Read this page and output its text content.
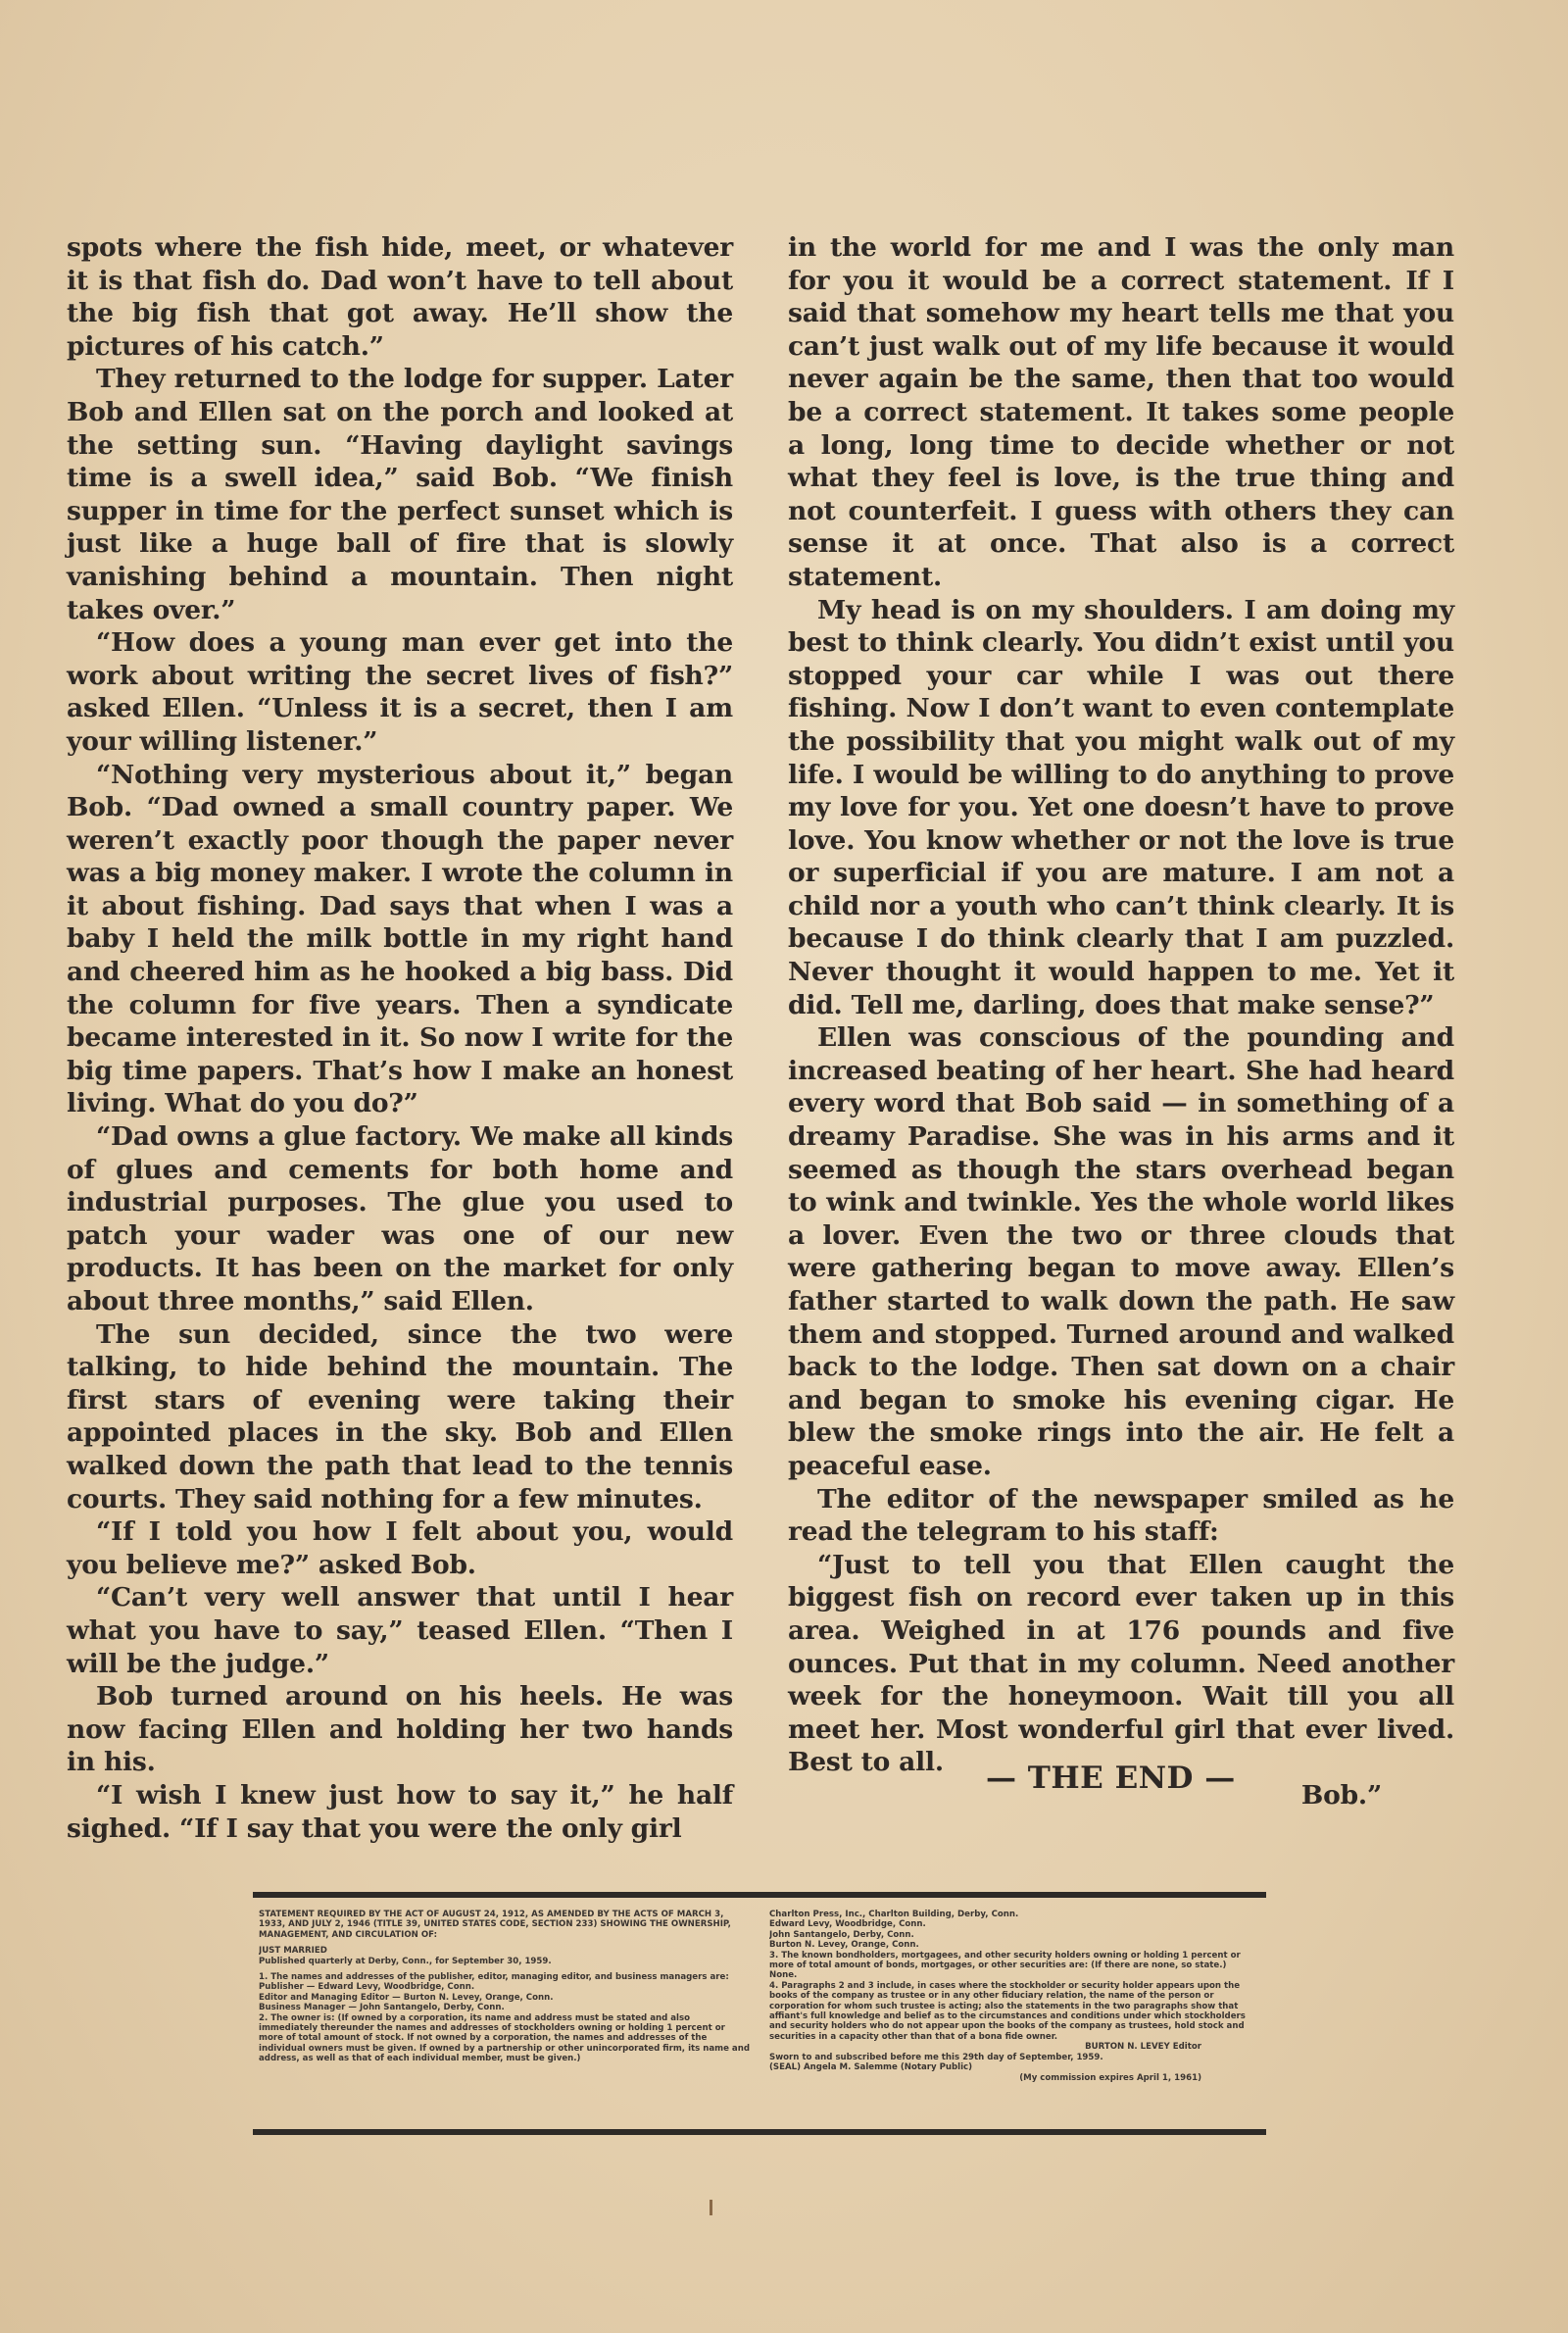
spots where the fish hide, meet, or whatever it is that fish do. Dad won’t have to tell about the big fish that got away. He’ll show the pictures of his catch.”

They returned to the lodge for supper. Later Bob and Ellen sat on the porch and looked at the setting sun. “Having daylight savings time is a swell idea,” said Bob. “We finish supper in time for the perfect sunset which is just like a huge ball of fire that is slowly vanishing behind a mountain. Then night takes over.”

“How does a young man ever get into the work about writing the secret lives of fish?” asked Ellen. “Unless it is a secret, then I am your willing listener.”

“Nothing very mysterious about it,” began Bob. “Dad owned a small country paper. We weren’t exactly poor though the paper never was a big money maker. I wrote the column in it about fishing. Dad says that when I was a baby I held the milk bottle in my right hand and cheered him as he hooked a big bass. Did the column for five years. Then a syndicate became interested in it. So now I write for the big time papers. That’s how I make an honest living. What do you do?”

“Dad owns a glue factory. We make all kinds of glues and cements for both home and industrial purposes. The glue you used to patch your wader was one of our new products. It has been on the market for only about three months,” said Ellen.

The sun decided, since the two were talking, to hide behind the mountain. The first stars of evening were taking their appointed places in the sky. Bob and Ellen walked down the path that lead to the tennis courts. They said nothing for a few minutes.

“If I told you how I felt about you, would you believe me?” asked Bob.

“Can’t very well answer that until I hear what you have to say,” teased Ellen. “Then I will be the judge.”

Bob turned around on his heels. He was now facing Ellen and holding her two hands in his.

“I wish I knew just how to say it,” he half sighed. “If I say that you were the only girl

in the world for me and I was the only man for you it would be a correct statement. If I said that somehow my heart tells me that you can’t just walk out of my life because it would never again be the same, then that too would be a correct statement. It takes some people a long, long time to decide whether or not what they feel is love, is the true thing and not counterfeit. I guess with others they can sense it at once. That also is a correct statement.

My head is on my shoulders. I am doing my best to think clearly. You didn’t exist until you stopped your car while I was out there fishing. Now I don’t want to even contemplate the possibility that you might walk out of my life. I would be willing to do anything to prove my love for you. Yet one doesn’t have to prove love. You know whether or not the love is true or superficial if you are mature. I am not a child nor a youth who can’t think clearly. It is because I do think clearly that I am puzzled. Never thought it would happen to me. Yet it did. Tell me, darling, does that make sense?”

Ellen was conscious of the pounding and increased beating of her heart. She had heard every word that Bob said — in something of a dreamy Paradise. She was in his arms and it seemed as though the stars overhead began to wink and twinkle. Yes the whole world likes a lover. Even the two or three clouds that were gathering began to move away. Ellen’s father started to walk down the path. He saw them and stopped. Turned around and walked back to the lodge. Then sat down on a chair and began to smoke his evening cigar. He blew the smoke rings into the air. He felt a peaceful ease.

The editor of the newspaper smiled as he read the telegram to his staff:

“Just to tell you that Ellen caught the biggest fish on record ever taken up in this area. Weighed in at 176 pounds and five ounces. Put that in my column. Need another week for the honeymoon. Wait till you all meet her. Most wonderful girl that ever lived. Best to all.

Bob.”

— THE END —
STATEMENT REQUIRED BY THE ACT OF AUGUST 24, 1912, AS AMENDED BY THE ACTS OF MARCH 3, 1933, AND JULY 2, 1946 (TITLE 39, UNITED STATES CODE, SECTION 233) SHOWING THE OWNERSHIP, MANAGEMENT, AND CIRCULATION OF:
JUST MARRIED
Published quarterly at Derby, Conn., for September 30, 1959.
1. The names and addresses of the publisher, editor, managing editor, and business managers are:
Publisher — Edward Levy, Woodbridge, Conn.
Editor and Managing Editor — Burton N. Levey, Orange, Conn.
Business Manager — John Santangelo, Derby, Conn.
2. The owner is: (If owned by a corporation, its name and address must be stated and also immediately thereunder the names and addresses of stockholders owning or holding 1 percent or more of total amount of stock. If not owned by a corporation, the names and addresses of the individual owners must be given. If owned by a partnership or other unincorporated firm, its name and address, as well as that of each individual member, must be given.)
Charlton Press, Inc., Charlton Building, Derby, Conn.
Edward Levy, Woodbridge, Conn.
John Santangelo, Derby, Conn.
Burton N. Levey, Orange, Conn.
3. The known bondholders, mortgagees, and other security holders owning or holding 1 percent or more of total amount of bonds, mortgages, or other securities are: (If there are none, so state.)
None.
4. Paragraphs 2 and 3 include, in cases where the stockholder or security holder appears upon the books of the company as trustee or in any other fiduciary relation, the name of the person or corporation for whom such trustee is acting; also the statements in the two paragraphs show that affiant's full knowledge and belief as to the circumstances and conditions under which stockholders and security holders who do not appear upon the books of the company as trustees, hold stock and securities in a capacity other than that of a bona fide owner.
BURTON N. LEVEY Editor
Sworn to and subscribed before me this 29th day of September, 1959.
(SEAL) Angela M. Salemme (Notary Public)
(My commission expires April 1, 1961)
